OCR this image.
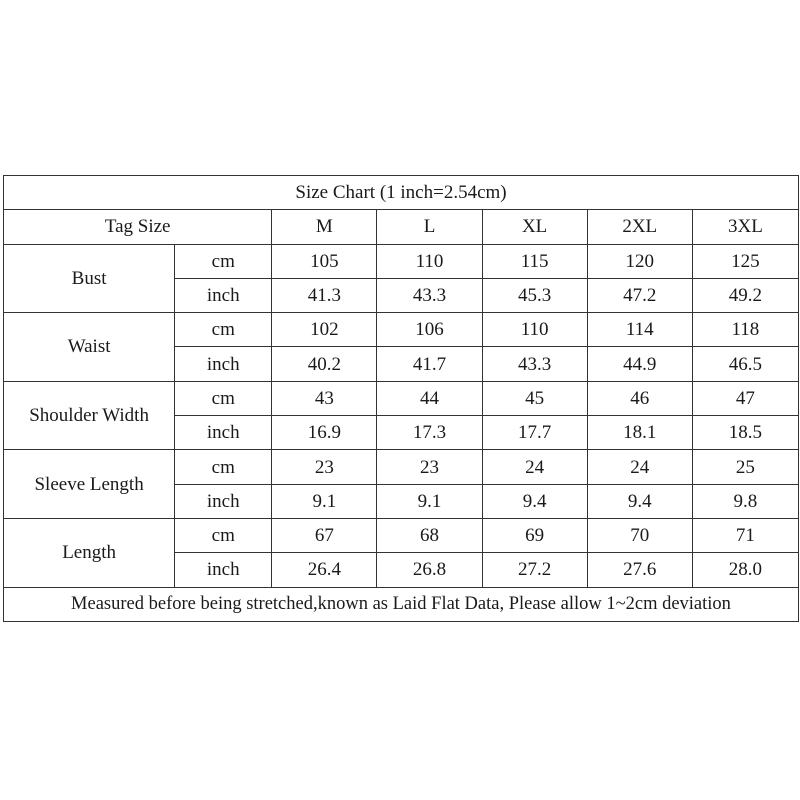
Size Chart (1 inch=2.54cm)						
Tag Size		M	L	XL	2XL	3XL
Bust	cm	105	110	115	120	125
	inch	41.3	43.3	45.3	47.2	49.2
Waist	cm	102	106	110	114	118
	inch	40.2	41.7	43.3	44.9	46.5
Shoulder Width	cm	43	44	45	46	47
	inch	16.9	17.3	17.7	18.1	18.5
Sleeve Length	cm	23	23	24	24	25
	inch	9.1	9.1	9.4	9.4	9.8
Length	cm	67	68	69	70	71
	inch	26.4	26.8	27.2	27.6	28.0
Measured before being stretched,known as Laid Flat Data, Please allow 1~2cm deviation						
